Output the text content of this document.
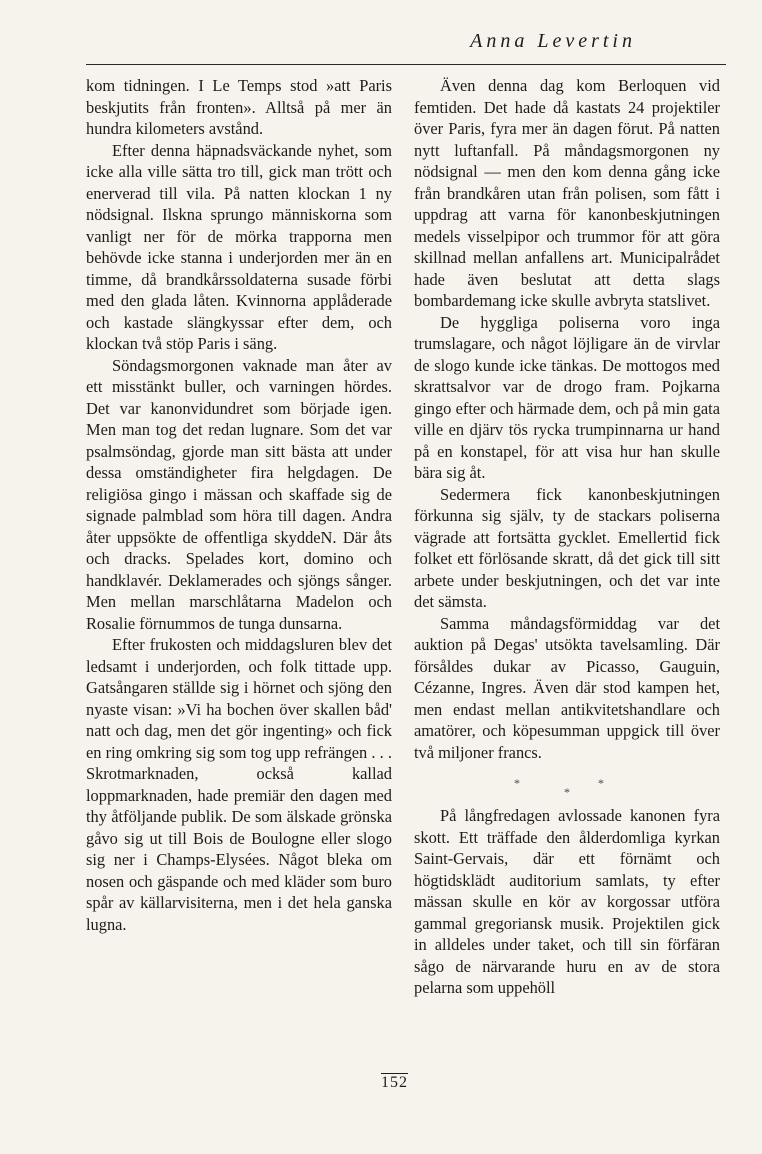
Anna Levertin

kom tidningen. I Le Temps stod »att Paris beskjutits från fronten». Alltså på mer än hundra kilometers avstånd.

Efter denna häpnadsväckande nyhet, som icke alla ville sätta tro till, gick man trött och enerverad till vila. På natten klockan 1 ny nödsignal. Ilskna sprungo människorna som vanligt ner för de mörka trapporna men behövde icke stanna i underjorden mer än en timme, då brandkårssoldaterna susade förbi med den glada låten. Kvinnorna applåderade och kastade slängkyssar efter dem, och klockan två stöp Paris i säng.

Söndagsmorgonen vaknade man åter av ett misstänkt buller, och varningen hördes. Det var kanonvidundret som började igen. Men man tog det redan lugnare. Som det var psalmsöndag, gjorde man sitt bästa att under dessa omständigheter fira helgdagen. De religiösa gingo i mässan och skaffade sig de signade palmblad som höra till dagen. Andra åter uppsökte de offentliga skyddeN. Där åts och dracks. Spelades kort, domino och handklavér. Deklamerades och sjöngs sånger. Men mellan marschlåtarna Madelon och Rosalie förnummos de tunga dunsarna.

Efter frukosten och middagsluren blev det ledsamt i underjorden, och folk tittade upp. Gatsångaren ställde sig i hörnet och sjöng den nyaste visan: »Vi ha bochen över skallen båd' natt och dag, men det gör ingenting» och fick en ring omkring sig som tog upp refrängen . . . Skrotmarknaden, också kallad loppmarknaden, hade premiär den dagen med thy åtföljande publik. De som älskade grönska gåvo sig ut till Bois de Boulogne eller slogo sig ner i Champs-Elysées. Något bleka om nosen och gäspande och med kläder som buro spår av källarvisiterna, men i det hela ganska lugna.

Även denna dag kom Berloquen vid femtiden. Det hade då kastats 24 projektiler över Paris, fyra mer än dagen förut. På natten nytt luftanfall. På måndagsmorgonen ny nödsignal — men den kom denna gång icke från brandkåren utan från polisen, som fått i uppdrag att varna för kanonbeskjutningen medels visselpipor och trummor för att göra skillnad mellan anfallens art. Municipalrådet hade även beslutat att detta slags bombardemang icke skulle avbryta statslivet.

De hyggliga poliserna voro inga trumslagare, och något löjligare än de virvlar de slogo kunde icke tänkas. De mottogos med skrattsalvor var de drogo fram. Pojkarna gingo efter och härmade dem, och på min gata ville en djärv tös rycka trumpinnarna ur hand på en konstapel, för att visa hur han skulle bära sig åt.

Sedermera fick kanonbeskjutningen förkunna sig själv, ty de stackars poliserna vägrade att fortsätta gycklet. Emellertid fick folket ett förlösande skratt, då det gick till sitt arbete under beskjutningen, och det var inte det sämsta.

Samma måndagsförmiddag var det auktion på Degas' utsökta tavelsamling. Där försåldes dukar av Picasso, Gauguin, Cézanne, Ingres. Även där stod kampen het, men endast mellan antikvitetshandlare och amatörer, och köpesumman uppgick till över två miljoner francs.

*
*
*

På långfredagen avlossade kanonen fyra skott. Ett träffade den ålderdomliga kyrkan Saint-Gervais, där ett förnämt och högtidsklädt auditorium samlats, ty efter mässan skulle en kör av korgossar utföra gammal gregoriansk musik. Projektilen gick in alldeles under taket, och till sin förfäran sågo de närvarande huru en av de stora pelarna som uppehöll

152
